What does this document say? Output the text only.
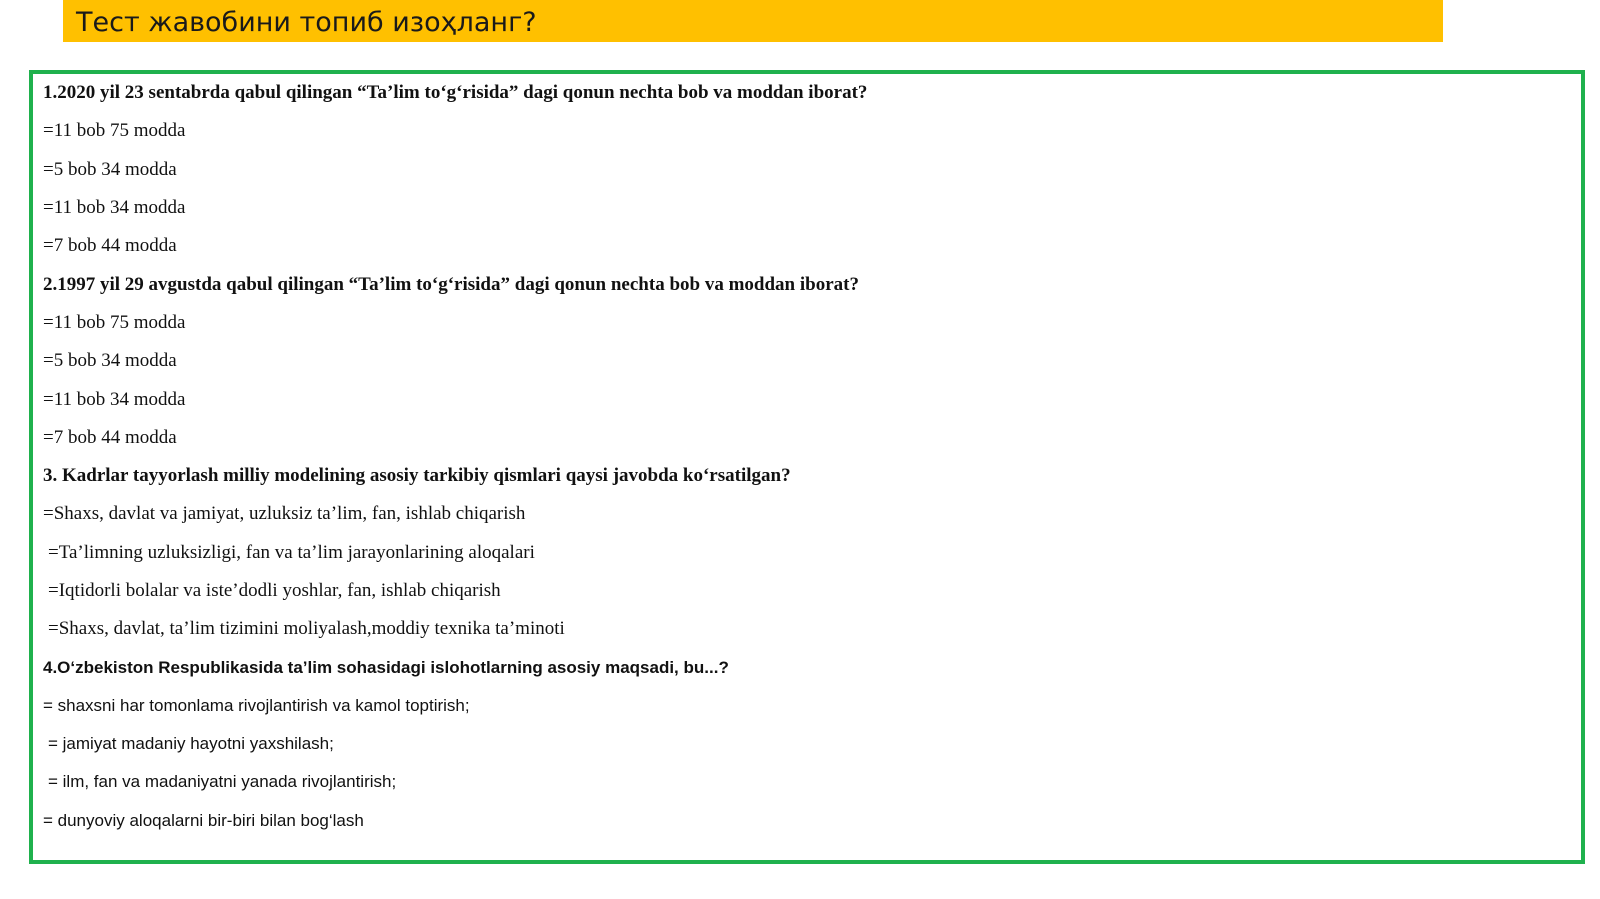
Тест жавобини топиб изоҳланг?
1.2020 yil 23 sentabrda qabul qilingan “Ta’lim to‘g‘risida” dagi qonun nechta bob va moddan iborat?
=11 bob 75 modda
=5 bob 34 modda
=11 bob 34 modda
=7 bob 44 modda
2.1997 yil 29 avgustda qabul qilingan “Ta’lim to‘g‘risida” dagi qonun nechta bob va moddan iborat?
=11 bob 75 modda
=5 bob 34 modda
=11 bob 34 modda
=7 bob 44 modda
3. Kadrlar tayyorlash milliy modelining asosiy tarkibiy qismlari qaysi javobda ko‘rsatilgan?
=Shaxs, davlat va jamiyat, uzluksiz ta’lim, fan, ishlab chiqarish
=Ta’limning uzluksizligi, fan va ta’lim jarayonlarining aloqalari
=Iqtidorli bolalar va iste’dodli yoshlar, fan, ishlab chiqarish
=Shaxs, davlat, ta’lim tizimini moliyalash,moddiy texnika ta’minoti
4.O‘zbekiston Respublikasida ta’lim sohasidagi islohotlarning asosiy maqsadi, bu...?
= shaxsni har tomonlama rivojlantirish va kamol toptirish;
= jamiyat madaniy hayotni yaxshilash;
= ilm, fan va madaniyatni yanada rivojlantirish;
= dunyoviy aloqalarni bir-biri bilan bog‘lash
